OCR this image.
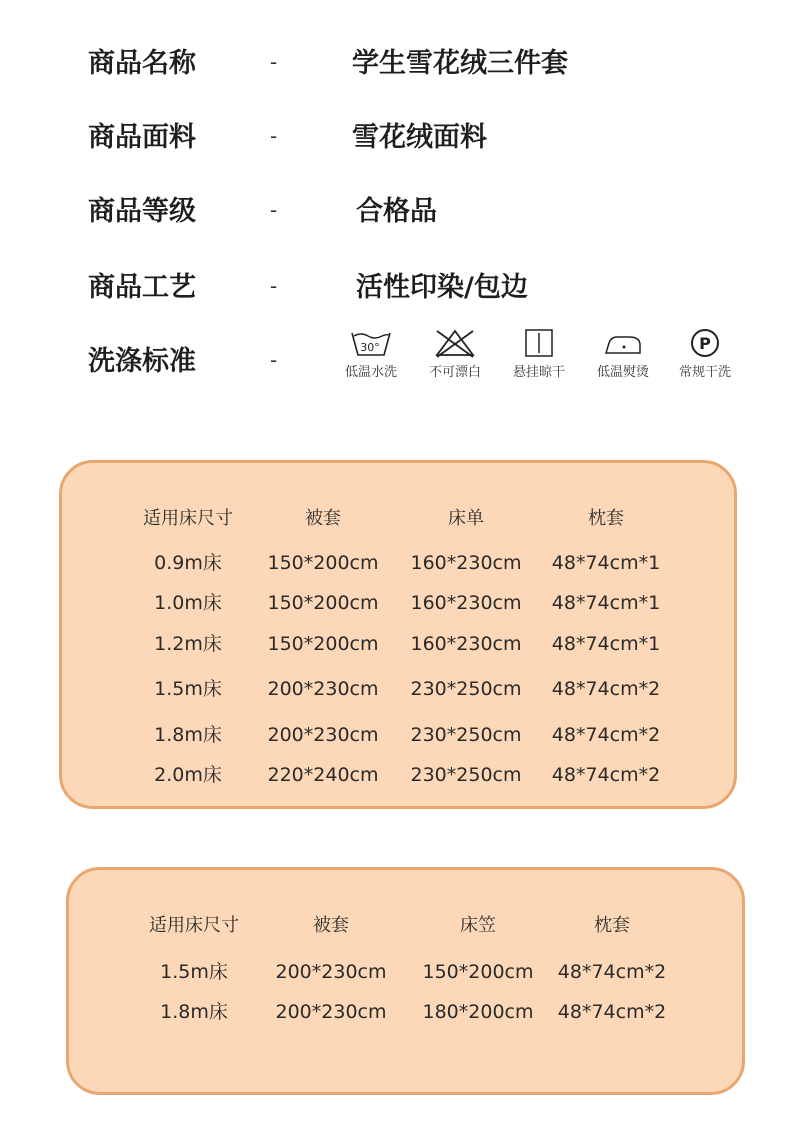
商品名称	-	学生雪花绒三件套
商品面料	-	雪花绒面料
商品等级	-	合格品
商品工艺	-	活性印染/包边
洗涤标准	-
30°
低温水洗	不可漂白	悬挂晾干	低温熨烫
P
常规干洗
适用床尺寸	被套	床单	枕套
0.9m床 150*200cm 160*230cm 48*74cm*1
1.0m床 150*200cm 160*230cm 48*74cm*1
1.2m床 150*200cm 160*230cm 48*74cm*1
1.5m床 200*230cm 230*250cm 48*74cm*2
1.8m床 200*230cm 230*250cm 48*74cm*2
2.0m床 220*240cm 230*250cm 48*74cm*2
适用床尺寸	被套	床笠	枕套
1.5m床	200*230cm 150*200cm 48*74cm*2
1.8m床	200*230cm 180*200cm 48*74cm*2
